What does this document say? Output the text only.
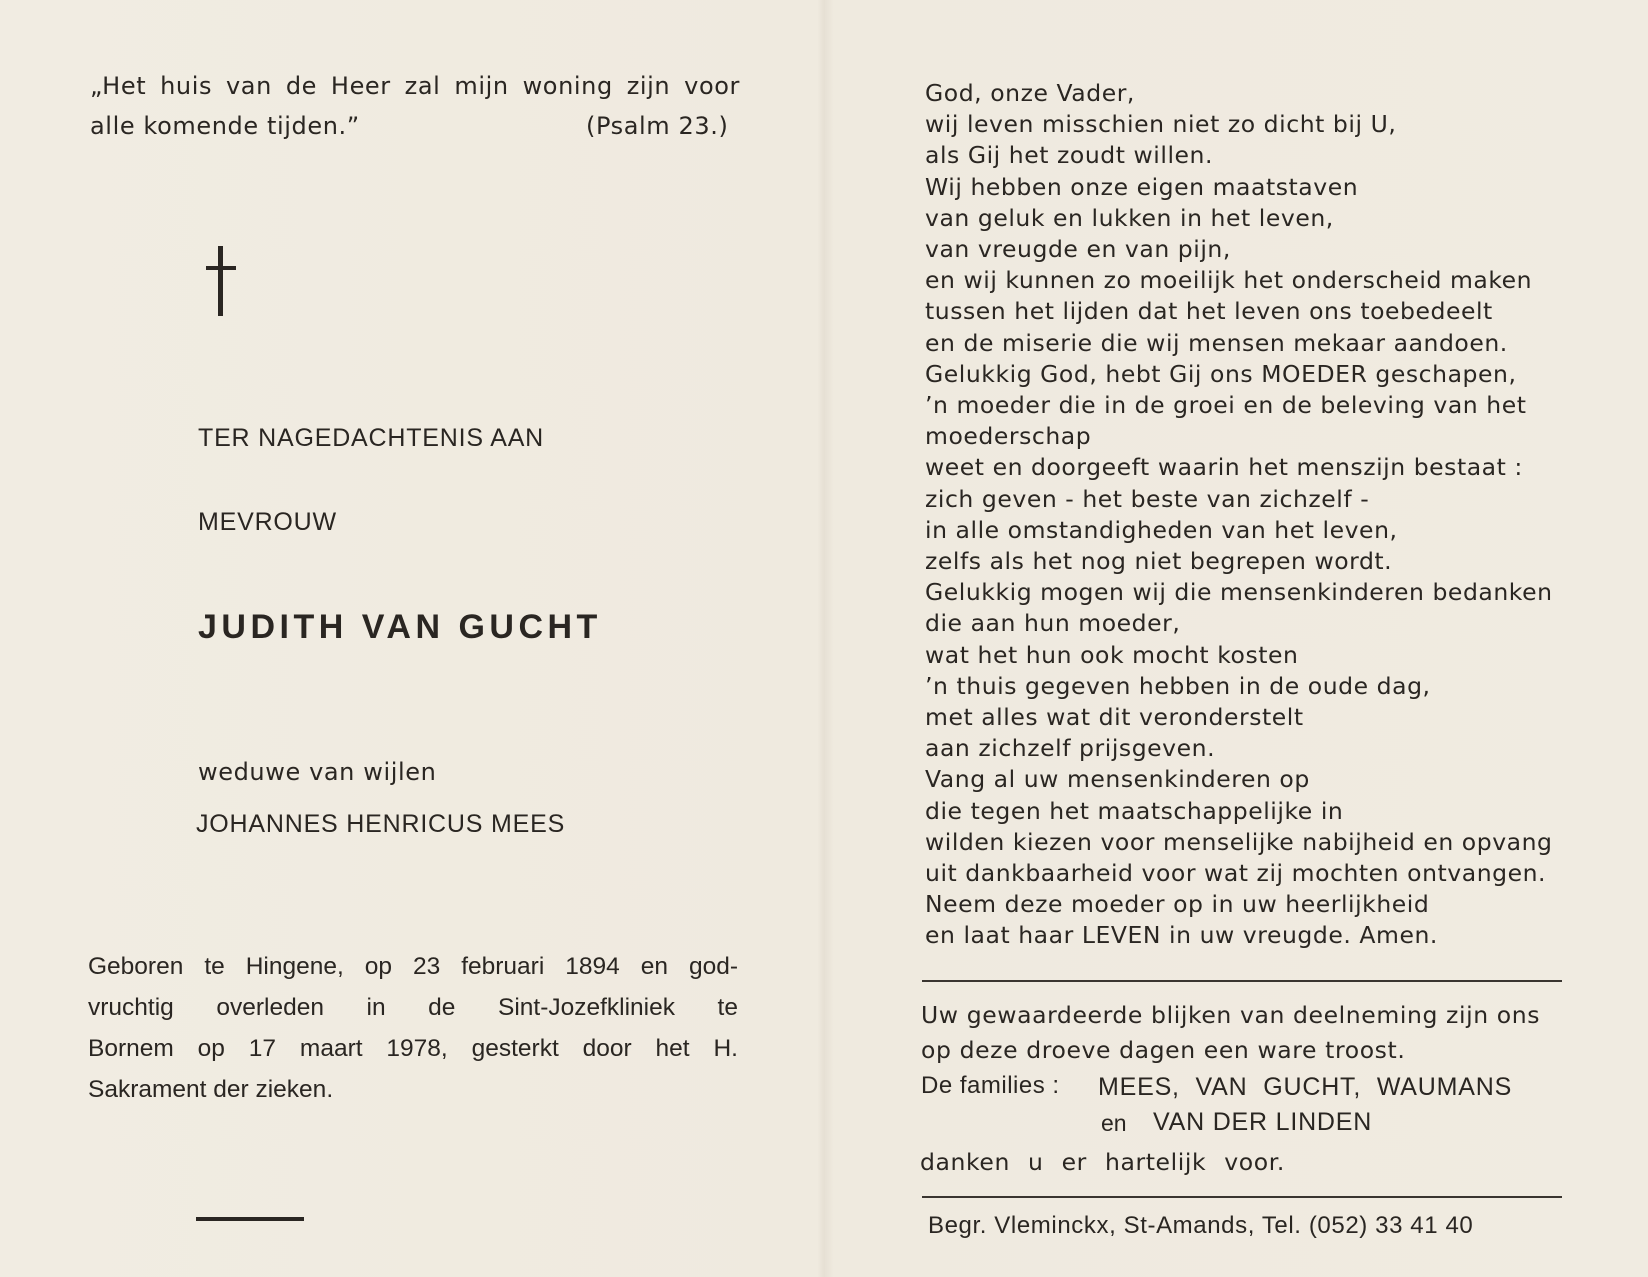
„Het huis van de Heer zal mijn woning zijn voor
alle komende tijden.”	(Psalm 23.)
TER NAGEDACHTENIS AAN
MEVROUW
JUDITH VAN GUCHT
weduwe van wijlen
JOHANNES HENRICUS MEES
Geboren te Hingene, op 23 februari 1894 en god-
vruchtig overleden in de Sint-Jozefkliniek te
Bornem op 17 maart 1978, gesterkt door het H.
Sakrament der zieken.
God, onze Vader,
wij leven misschien niet zo dicht bij U,
als Gij het zoudt willen.
Wij hebben onze eigen maatstaven
van geluk en lukken in het leven,
van vreugde en van pijn,
en wij kunnen zo moeilijk het onderscheid maken
tussen het lijden dat het leven ons toebedeelt
en de miserie die wij mensen mekaar aandoen.
Gelukkig God, hebt Gij ons MOEDER geschapen,
’n moeder die in de groei en de beleving van het
moederschap
weet en doorgeeft waarin het menszijn bestaat :
zich geven - het beste van zichzelf -
in alle omstandigheden van het leven,
zelfs als het nog niet begrepen wordt.
Gelukkig mogen wij die mensenkinderen bedanken
die aan hun moeder,
wat het hun ook mocht kosten
’n thuis gegeven hebben in de oude dag,
met alles wat dit veronderstelt
aan zichzelf prijsgeven.
Vang al uw mensenkinderen op
die tegen het maatschappelijke in
wilden kiezen voor menselijke nabijheid en opvang
uit dankbaarheid voor wat zij mochten ontvangen.
Neem deze moeder op in uw heerlijkheid
en laat haar LEVEN in uw vreugde. Amen.
Uw gewaardeerde blijken van deelneming zijn ons
op deze droeve dagen een ware troost.
De families : MEES, VAN GUCHT, WAUMANS
en VAN DER LINDEN
danken u er hartelijk voor.
Begr. Vleminckx, St-Amands, Tel. (052) 33 41 40
